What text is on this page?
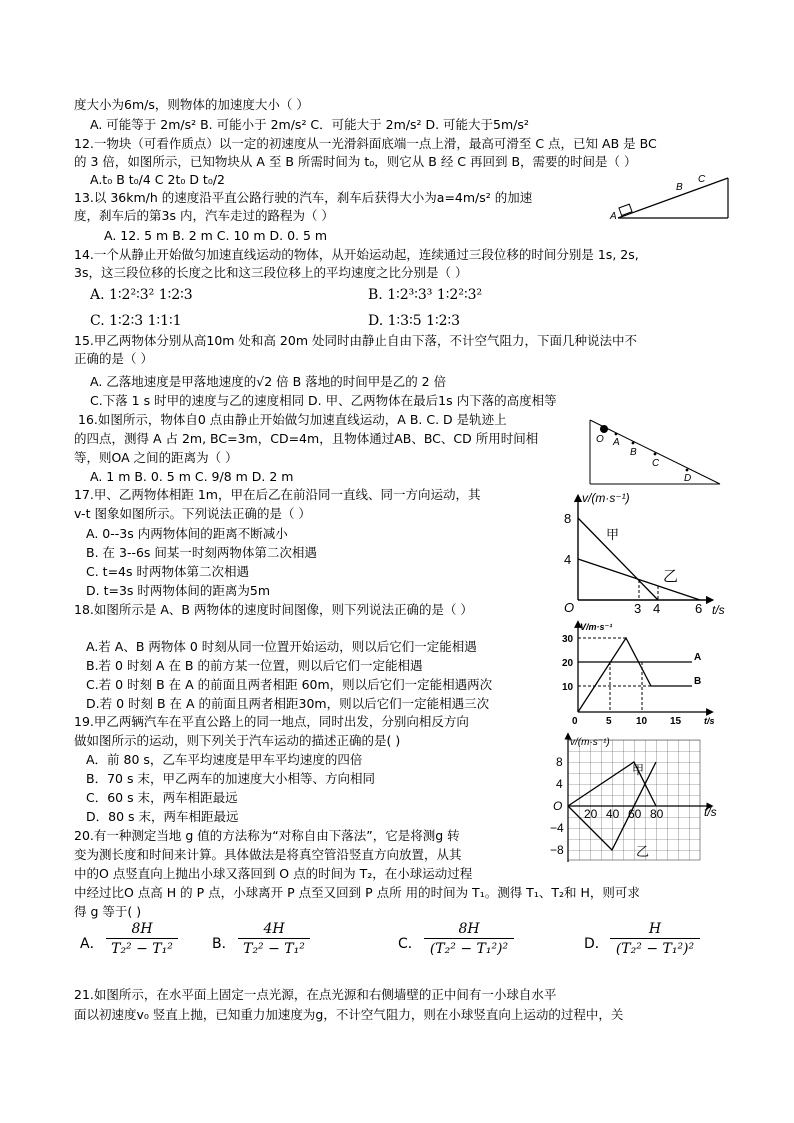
度大小为6m/s，则物体的加速度大小（ ）
A. 可能等于 2m/s² B. 可能小于 2m/s² C．可能大于 2m/s² D. 可能大于5m/s²
12.一物块（可看作质点）以一定的初速度从一光滑斜面底端一点上滑，最高可滑至 C 点，已知 AB 是 BC
的 3 倍，如图所示，已知物块从 A 至 B 所需时间为 t₀，则它从 B 经 C 再回到 B，需要的时间是（ ）
A.t₀ B t₀/4 C 2t₀ D t₀/2
A
B
C
13.以 36km/h 的速度沿平直公路行驶的汽车，刹车后获得大小为a=4m/s² 的加速
度，刹车后的第3s 内，汽车走过的路程为（ ）
A. 12. 5 m B. 2 m C. 10 m D. 0. 5 m
14.一个从静止开始做匀加速直线运动的物体，从开始运动起，连续通过三段位移的时间分别是 1s, 2s,
3s，这三段位移的长度之比和这三段位移上的平均速度之比分别是（ ）
A. 1∶2²∶3² 1∶2∶3	B. 1∶2³∶3³ 1∶2²∶3²
C. 1∶2∶3 1∶1∶1	D. 1∶3∶5 1∶2∶3
15.甲乙两物体分别从高10m 处和高 20m 处同时由静止自由下落，不计空气阻力，下面几种说法中不
正确的是（ ）
A. 乙落地速度是甲落地速度的√2 倍 B 落地的时间甲是乙的 2 倍
C.下落 1 s 时甲的速度与乙的速度相同 D. 甲、乙两物体在最后1s 内下落的高度相等
16.如图所示，物体自0 点由静止开始做匀加速直线运动，A B. C. D 是轨迹上
的四点，测得 A 占 2m, BC=3m，CD=4m，且物体通过AB、BC、CD 所用时间相
等，则OA 之间的距离为（ ）
A. 1 m B. 0. 5 m C. 9/8 m D. 2 m
O A
B
C
D
17.甲、乙两物体相距 1m，甲在后乙在前沿同一直线、同一方向运动，其
v-t 图象如图所示。下列说法正确的是（ ）
A. 0--3s 内两物体间的距离不断减小
B. 在 3--6s 间某一时刻两物体第二次相遇
C. t=4s 时两物体第二次相遇
D. t=3s 时两物体间的距离为5m
v/(m·s⁻¹)
t/s
O
8
4
3 4	6
甲
乙
18.如图所示是 A、B 两物体的速度时间图像，则下列说法正确的是（ ）
A.若 A、B 两物体 0 时刻从同一位置开始运动，则以后它们一定能相遇
B.若 0 时刻 A 在 B 的前方某一位置，则以后它们一定能相遇
C.若 0 时刻 B 在 A 的前面且两者相距 60m，则以后它们一定能相遇两次
D.若 0 时刻 B 在 A 的前面且两者相距30m，则以后它们一定能相遇三次
V/m·s⁻¹
t/s
0
30
20
10
5 10 15
A
B
19.甲乙两辆汽车在平直公路上的同一地点，同时出发，分别向相反方向
做如图所示的运动，则下列关于汽车运动的描述正确的是( )
A．前 80 s，乙车平均速度是甲车平均速度的四倍
B．70 s 末，甲乙两车的加速度大小相等、方向相同
C．60 s 末，两车相距最远
D．80 s 末，两车相距最远
v/(m·s⁻¹)
t/s
O
8
4
−4
−8
20 40 60 80
甲
乙
20.有一种测定当地 g 值的方法称为“对称自由下落法”，它是将测g 转
变为测长度和时间来计算。具体做法是将真空管沿竖直方向放置，从其
中的O 点竖直向上抛出小球又落回到 O 点的时间为 T₂，在小球运动过程
中经过比O 点高 H 的 P 点，小球离开 P 点至又回到 P 点所 用的时间为 T₁。测得 T₁、T₂和 H，则可求
得 g 等于( )
A． $\frac{8H}{\text{T₂² − T₁²}}$ B． $\frac{4H}{\text{T₂² − T₁²}}$	C． $\frac{8H}{\text{(T₂² − T₁²)²}}$	D． $\frac{H}{\text{(T₂² − T₁²)²}}$
21.如图所示，在水平面上固定一点光源，在点光源和右侧墙壁的正中间有一小球自水平
面以初速度v₀ 竖直上抛，已知重力加速度为g，不计空气阻力，则在小球竖直向上运动的过程中，关
